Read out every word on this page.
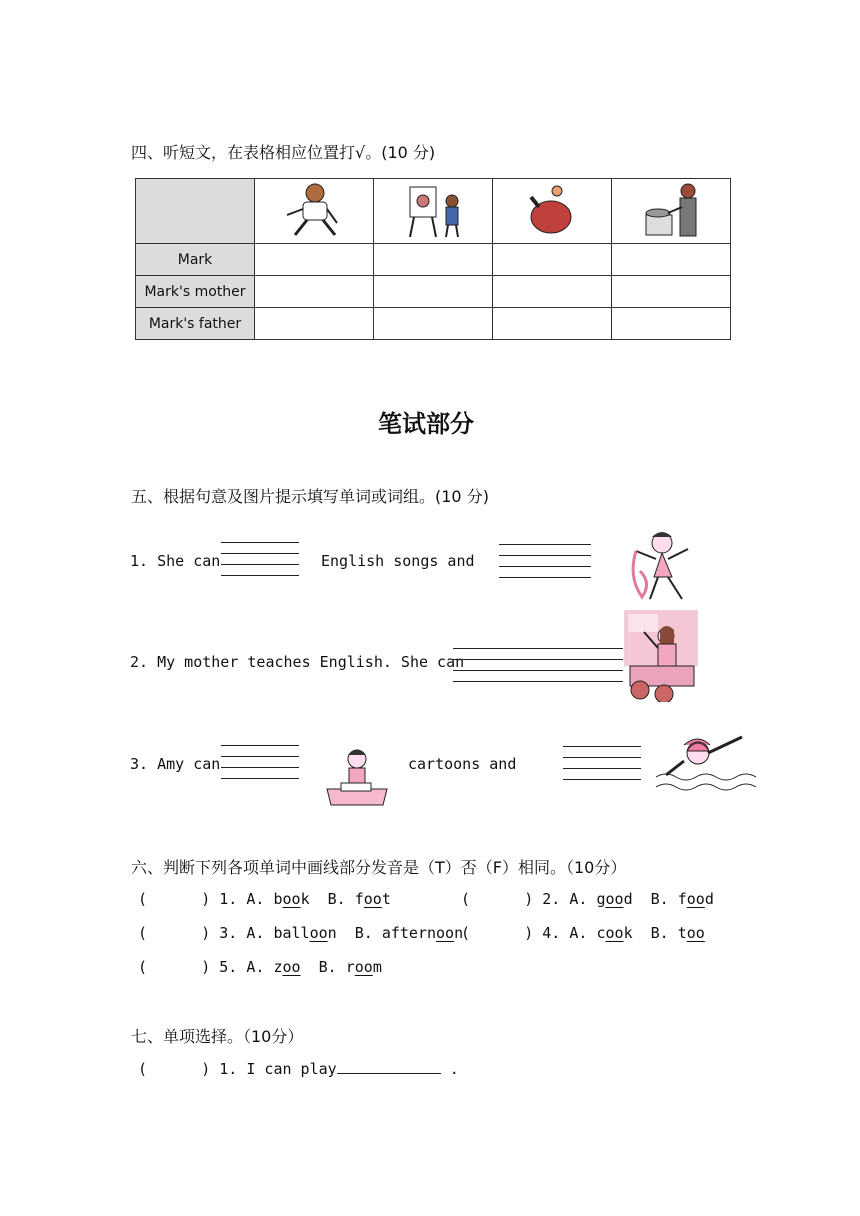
四、听短文，在表格相应位置打√。(10 分)

Mark				
Mark's mother				
Mark's father				
笔试部分
五、根据句意及图片提示填写单词或词组。(10 分)
1. She can	English songs and
2. My mother teaches English. She can
3. Amy can	cartoons and
六、判断下列各项单词中画线部分发音是（T）否（F）相同。（10分）
(      ) 1. A. book B. foot	(      ) 2. A. good B. food
(      ) 3. A. balloon B. afternoon
(      ) 4. A. cook B. too
(      ) 5. A. zoo B. room
七、单项选择。（10分）
(      ) 1. I can play	.
